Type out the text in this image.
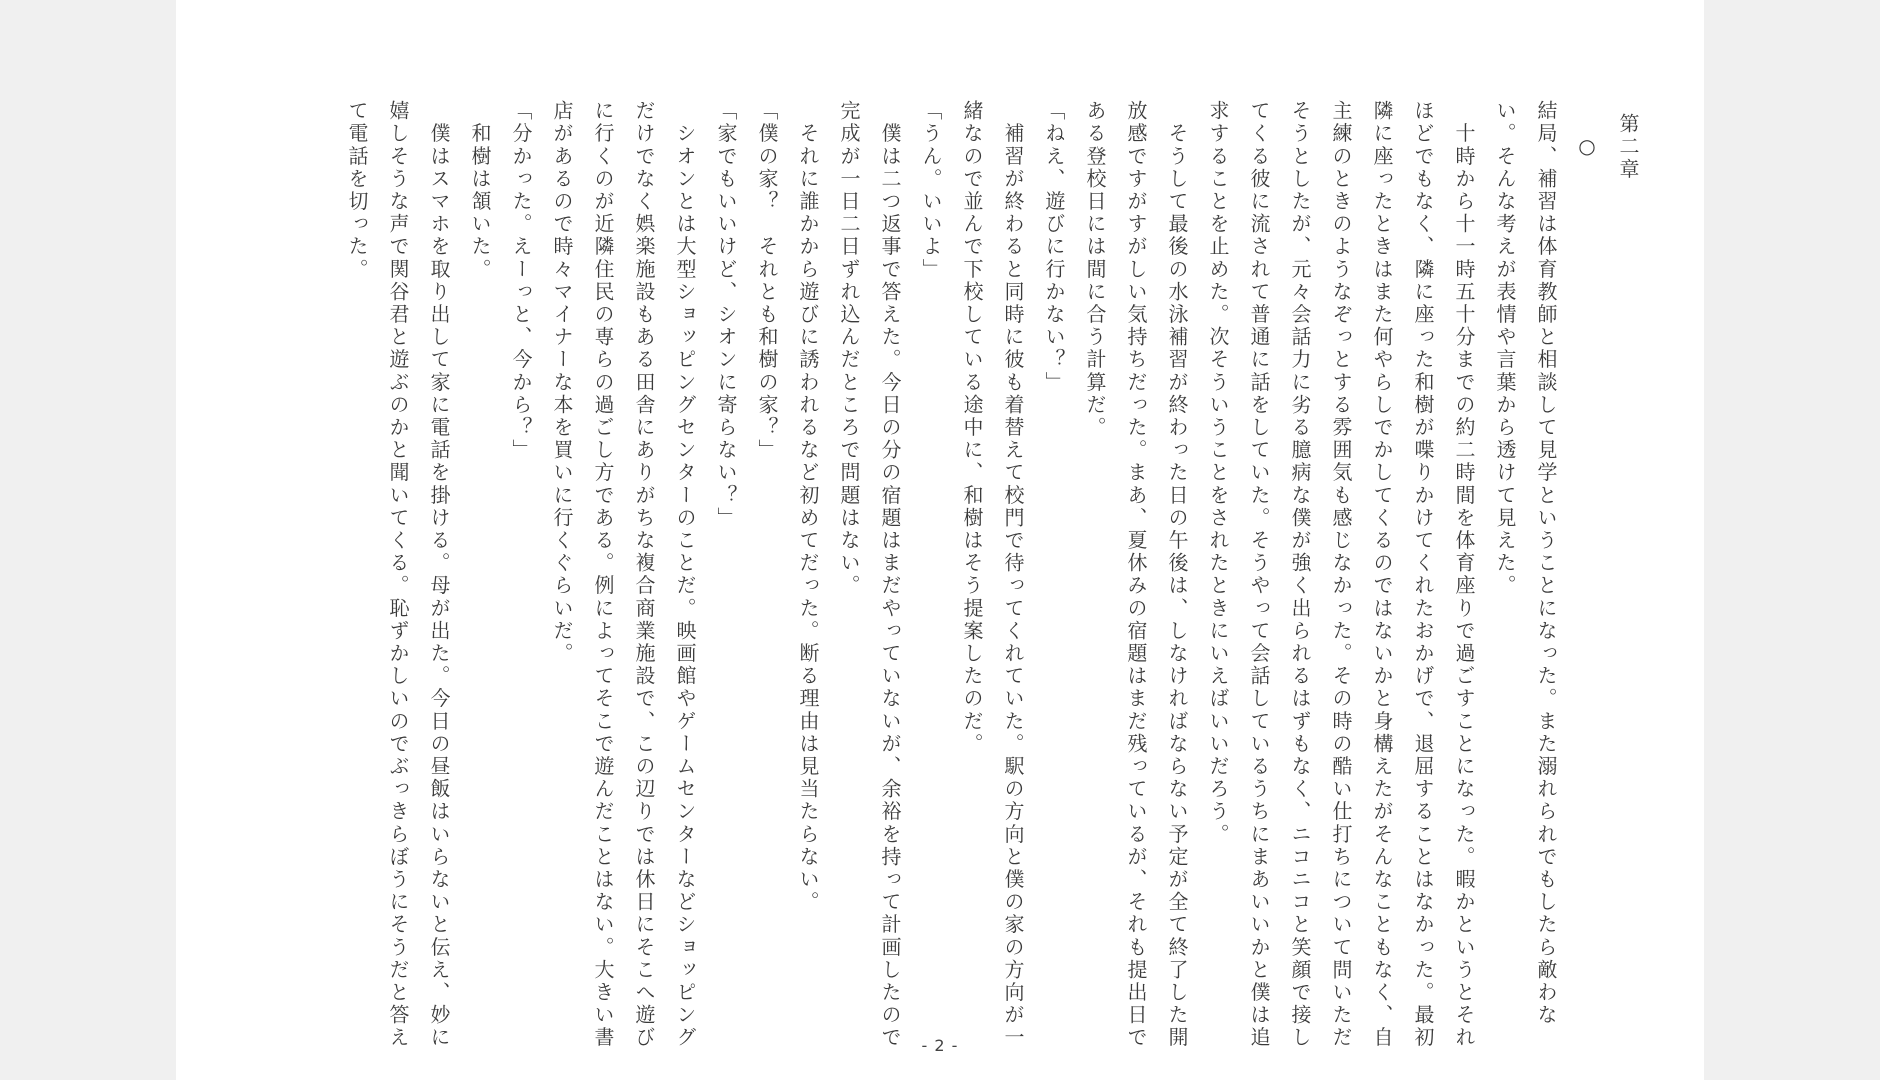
第二章
○
結局、補習は体育教師と相談して見学ということになった。また溺れられでもしたら敵わな
い。そんな考えが表情や言葉から透けて見えた。
　十時から十一時五十分までの約二時間を体育座りで過ごすことになった。暇かというとそれ
ほどでもなく、隣に座った和樹が喋りかけてくれたおかげで、退屈することはなかった。最初
隣に座ったときはまた何やらしでかしてくるのではないかと身構えたがそんなこともなく、自
主練のときのようなぞっとする雰囲気も感じなかった。その時の酷い仕打ちについて問いただ
そうとしたが、元々会話力に劣る臆病な僕が強く出られるはずもなく、ニコニコと笑顔で接し
てくる彼に流されて普通に話をしていた。そうやって会話しているうちにまあいいかと僕は追
求することを止めた。次そういうことをされたときにいえばいいだろう。
　そうして最後の水泳補習が終わった日の午後は、しなければならない予定が全て終了した開
放感ですがすがしい気持ちだった。まあ、夏休みの宿題はまだ残っているが、それも提出日で
ある登校日には間に合う計算だ。
「ねえ、遊びに行かない？」
　補習が終わると同時に彼も着替えて校門で待ってくれていた。駅の方向と僕の家の方向が一
緒なので並んで下校している途中に、和樹はそう提案したのだ。
「うん。いいよ」
　僕は二つ返事で答えた。今日の分の宿題はまだやっていないが、余裕を持って計画したので
完成が一日二日ずれ込んだところで問題はない。
　それに誰かから遊びに誘われるなど初めてだった。断る理由は見当たらない。
「僕の家？　それとも和樹の家？」
「家でもいいけど、シオンに寄らない？」
　シオンとは大型ショッピングセンターのことだ。映画館やゲームセンターなどショッピング
だけでなく娯楽施設もある田舎にありがちな複合商業施設で、この辺りでは休日にそこへ遊び
に行くのが近隣住民の専らの過ごし方である。例によってそこで遊んだことはない。大きい書
店があるので時々マイナーな本を買いに行くぐらいだ。
「分かった。えーっと、今から？」
　和樹は頷いた。
　僕はスマホを取り出して家に電話を掛ける。母が出た。今日の昼飯はいらないと伝え、妙に
嬉しそうな声で関谷君と遊ぶのかと聞いてくる。恥ずかしいのでぶっきらぼうにそうだと答え
て電話を切った。
- 2 -
